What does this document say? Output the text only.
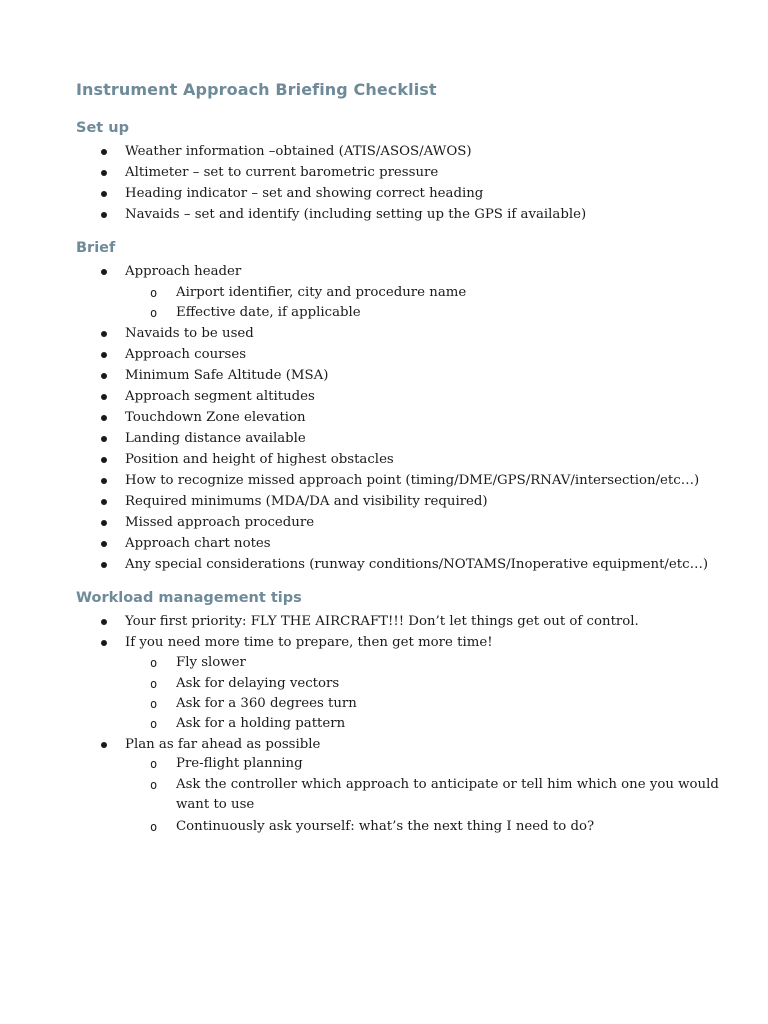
Instrument Approach Briefing Checklist
Set up
Weather information –obtained (ATIS/ASOS/AWOS)
Altimeter – set to current barometric pressure
Heading indicator – set and showing correct heading
Navaids – set and identify (including setting up the GPS if available)
Brief
Approach header
o Airport identifier, city and procedure name
o Effective date, if applicable
Navaids to be used
Approach courses
Minimum Safe Altitude (MSA)
Approach segment altitudes
Touchdown Zone elevation
Landing distance available
Position and height of highest obstacles
How to recognize missed approach point (timing/DME/GPS/RNAV/intersection/etc…)
Required minimums (MDA/DA and visibility required)
Missed approach procedure
Approach chart notes
Any special considerations (runway conditions/NOTAMS/Inoperative equipment/etc…)
Workload management tips
Your first priority: FLY THE AIRCRAFT!!! Don’t let things get out of control.
If you need more time to prepare, then get more time!
o Fly slower
o Ask for delaying vectors
o Ask for a 360 degrees turn
o Ask for a holding pattern
Plan as far ahead as possible
o Pre-flight planning
o Ask the controller which approach to anticipate or tell him which one you would
want to use
o Continuously ask yourself: what’s the next thing I need to do?
